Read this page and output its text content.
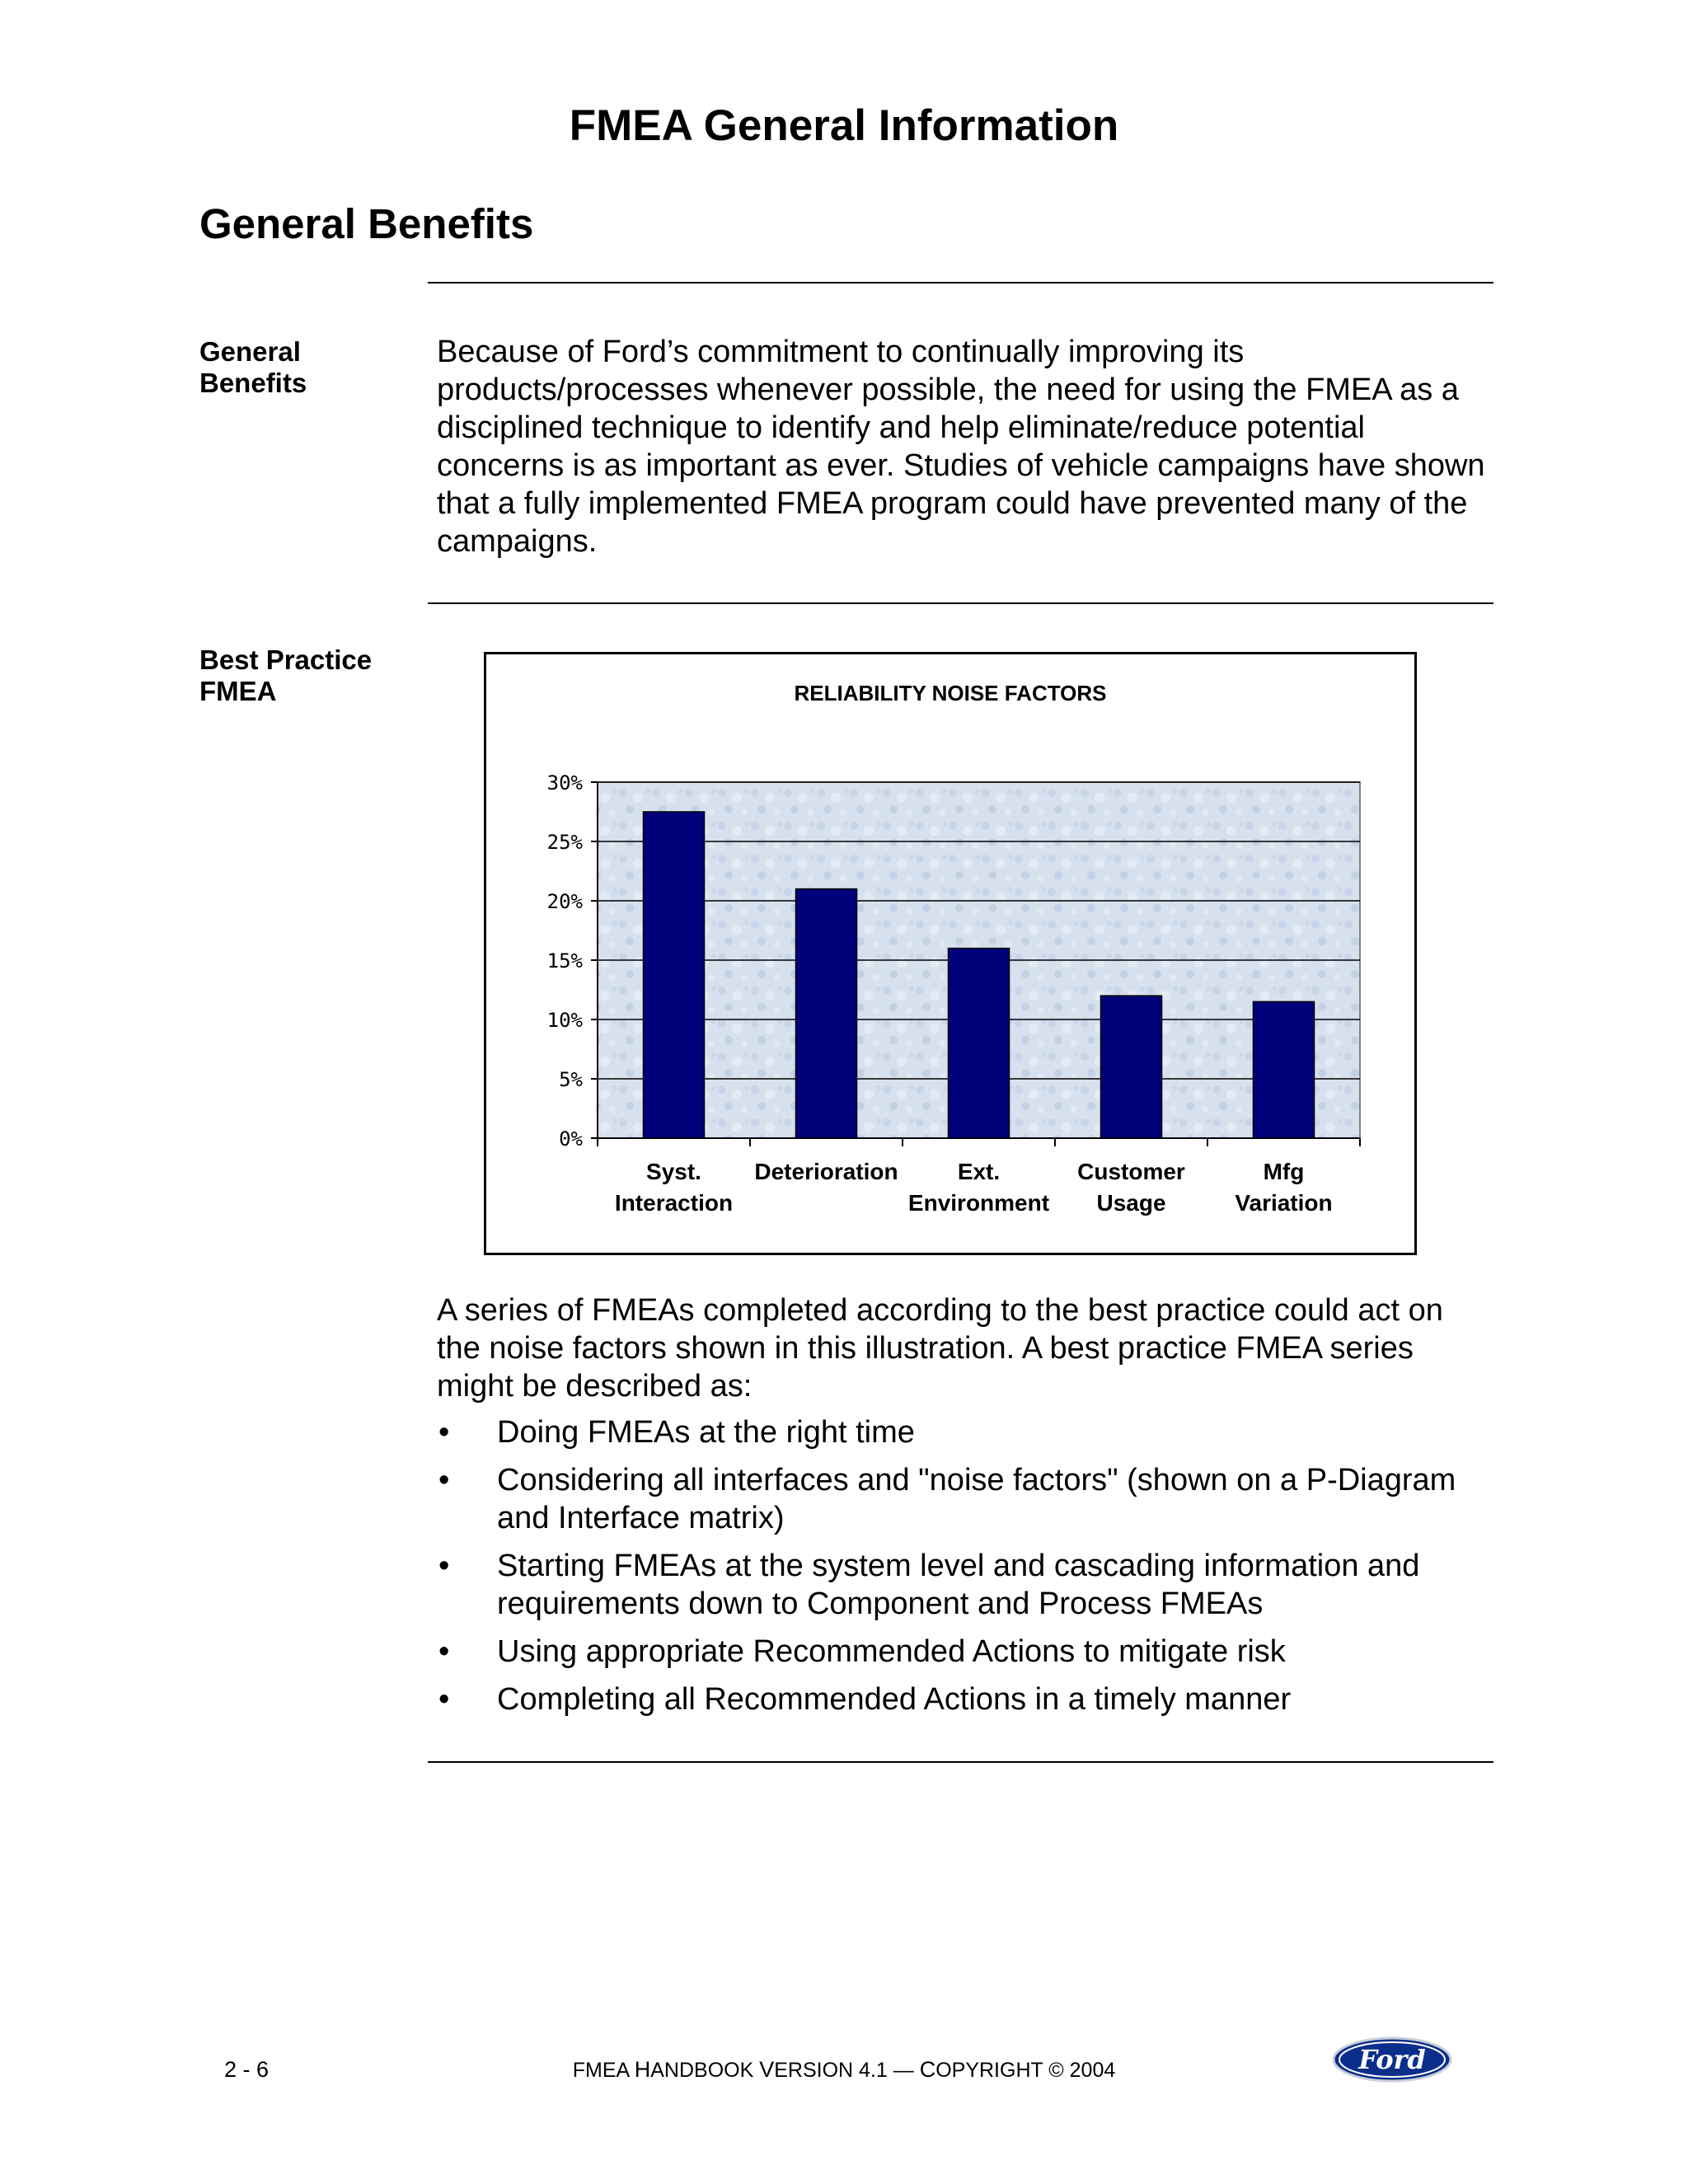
FMEA General Information
General Benefits
General
Benefits
Because of Ford’s commitment to continually improving its products/processes whenever possible, the need for using the FMEA as a disciplined technique to identify and help eliminate/reduce potential concerns is as important as ever. Studies of vehicle campaigns have shown that a fully implemented FMEA program could have prevented many of the campaigns.
Best Practice
FMEA	RELIABILITY NOISE FACTORS
0%
5%
10%
15%
20%
25%
30%
Syst.
Interaction
Deterioration	Ext.
Environment
Customer
Usage
Mfg
Variation
A series of FMEAs completed according to the best practice could act on the noise factors shown in this illustration. A best practice FMEA series might be described as:
• Doing FMEAs at the right time
• Considering all interfaces and "noise factors" (shown on a P-Diagram and Interface matrix)
• Starting FMEAs at the system level and cascading information and requirements down to Component and Process FMEAs
• Using appropriate Recommended Actions to mitigate risk
• Completing all Recommended Actions in a timely manner
2 - 6	FMEA HANDBOOK VERSION 4.1 — COPYRIGHT © 2004	Ford
